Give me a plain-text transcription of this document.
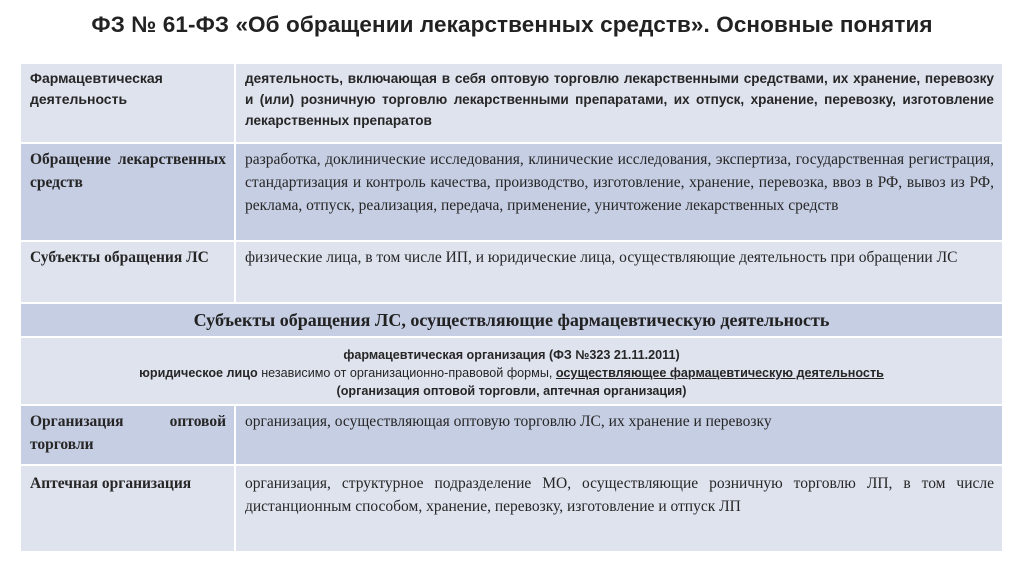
ФЗ № 61-ФЗ «Об обращении лекарственных средств». Основные понятия
Фармацевтическая деятельность
деятельность, включающая в себя оптовую торговлю лекарственными средствами, их хранение, перевозку и (или) розничную торговлю лекарственными препаратами, их отпуск, хранение, перевозку, изготовление лекарственных препаратов
Обращение лекарственных средств
разработка, доклинические исследования, клинические исследования, экспертиза, государственная регистрация, стандартизация и контроль качества, производство, изготовление, хранение, перевозка, ввоз в РФ, вывоз из РФ, реклама, отпуск, реализация, передача, применение, уничтожение лекарственных средств
Субъекты обращения ЛС	физические лица, в том числе ИП, и юридические лица, осуществляющие деятельность при обращении ЛС
Субъекты обращения ЛС, осуществляющие фармацевтическую деятельность
фармацевтическая организация (ФЗ №323 21.11.2011)
юридическое лицо независимо от организационно-правовой формы, осуществляющее фармацевтическую деятельность
(организация оптовой торговли, аптечная организация)
Организация оптовой торговли
организация, осуществляющая оптовую торговлю ЛС, их хранение и перевозку
Аптечная организация	организация, структурное подразделение МО, осуществляющие розничную торговлю ЛП, в том числе дистанционным способом, хранение, перевозку, изготовление и отпуск ЛП
